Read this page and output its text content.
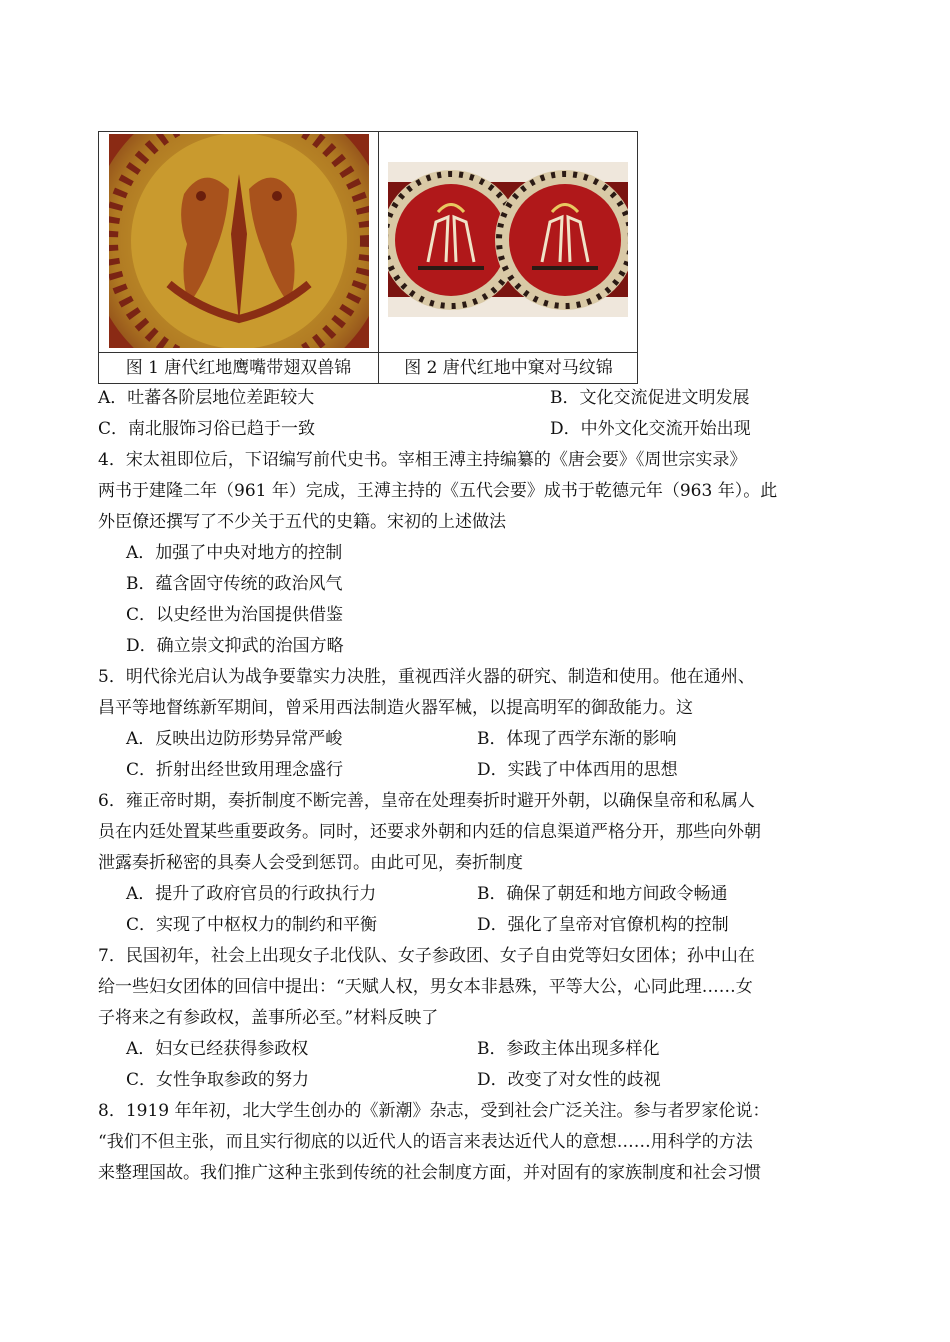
图 1 唐代红地鹰嘴带翅双兽锦	图 2 唐代红地中窠对马纹锦
A．吐蕃各阶层地位差距较大	B．文化交流促进文明发展
C．南北服饰习俗已趋于一致	D．中外文化交流开始出现
4．宋太祖即位后，下诏编写前代史书。宰相王溥主持编纂的《唐会要》《周世宗实录》
两书于建隆二年（961 年）完成，王溥主持的《五代会要》成书于乾德元年（963 年）。此
外臣僚还撰写了不少关于五代的史籍。宋初的上述做法
A．加强了中央对地方的控制
B．蕴含固守传统的政治风气
C．以史经世为治国提供借鉴
D．确立崇文抑武的治国方略
5．明代徐光启认为战争要靠实力决胜，重视西洋火器的研究、制造和使用。他在通州、
昌平等地督练新军期间，曾采用西法制造火器军械，以提高明军的御敌能力。这
A．反映出边防形势异常严峻	B．体现了西学东渐的影响
C．折射出经世致用理念盛行	D．实践了中体西用的思想
6．雍正帝时期，奏折制度不断完善，皇帝在处理奏折时避开外朝，以确保皇帝和私属人
员在内廷处置某些重要政务。同时，还要求外朝和内廷的信息渠道严格分开，那些向外朝
泄露奏折秘密的具奏人会受到惩罚。由此可见，奏折制度
A．提升了政府官员的行政执行力	B．确保了朝廷和地方间政令畅通
C．实现了中枢权力的制约和平衡	D．强化了皇帝对官僚机构的控制
7．民国初年，社会上出现女子北伐队、女子参政团、女子自由党等妇女团体；孙中山在
给一些妇女团体的回信中提出：“天赋人权，男女本非悬殊，平等大公，心同此理……女
子将来之有参政权，盖事所必至。”材料反映了
A．妇女已经获得参政权	B．参政主体出现多样化
C．女性争取参政的努力	D．改变了对女性的歧视
8．1919 年年初，北大学生创办的《新潮》杂志，受到社会广泛关注。参与者罗家伦说：
“我们不但主张，而且实行彻底的以近代人的语言来表达近代人的意想……用科学的方法
来整理国故。我们推广这种主张到传统的社会制度方面，并对固有的家族制度和社会习惯
